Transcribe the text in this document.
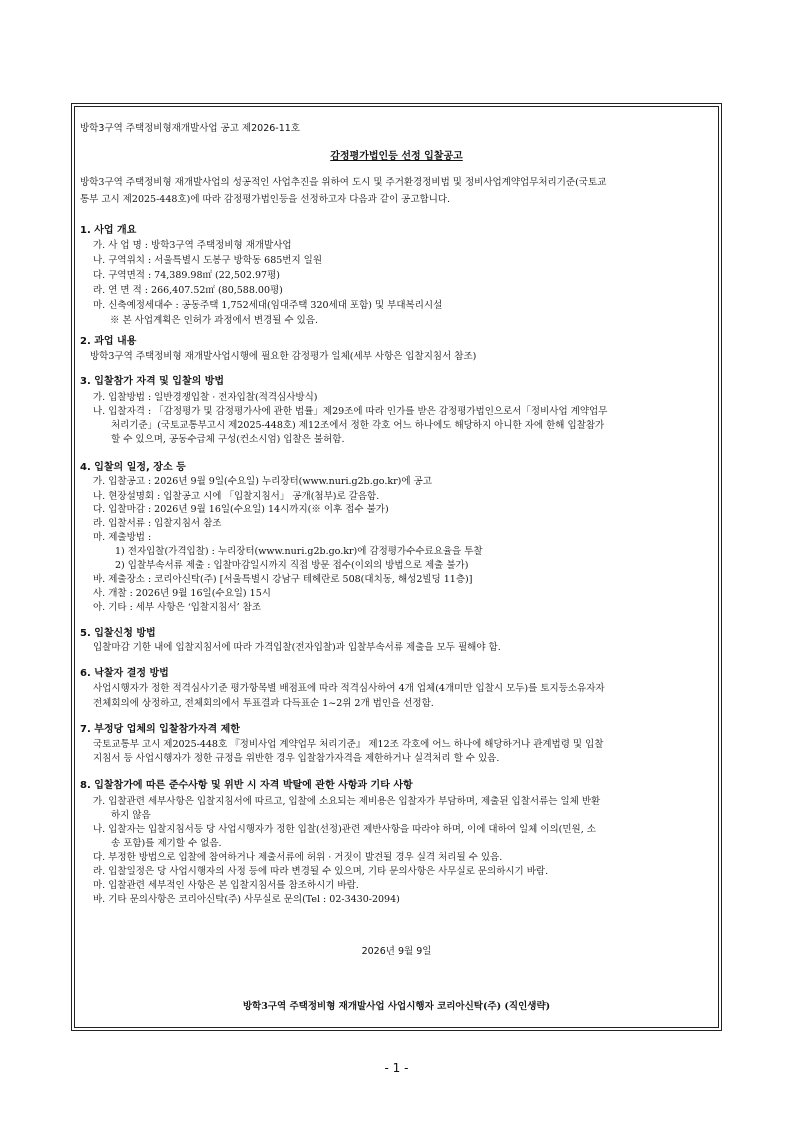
방학3구역 주택정비형재개발사업 공고 제2026-11호
감정평가법인등 선정 입찰공고
방학3구역 주택정비형 재개발사업의 성공적인 사업추진을 위하여 도시 및 주거환경정비법 및 정비사업계약업무처리기준(국토교
통부 고시 제2025-448호)에 따라 감정평가법인등을 선정하고자 다음과 같이 공고합니다.
1. 사업 개요
가. 사 업 명 : 방학3구역 주택정비형 재개발사업
나. 구역위치 : 서울특별시 도봉구 방학동 685번지 일원
다. 구역면적 : 74,389.98㎡ (22,502.97평)
라. 연 면 적 : 266,407.52㎡ (80,588.00평)
마. 신축예정세대수 : 공동주택 1,752세대(임대주택 320세대 포함) 및 부대복리시설
※ 본 사업계획은 인허가 과정에서 변경될 수 있음.
2. 과업 내용
방학3구역 주택정비형 재개발사업시행에 필요한 감정평가 일체(세부 사항은 입찰지침서 참조)
3. 입찰참가 자격 및 입찰의 방법
가. 입찰방법 : 일반경쟁입찰 · 전자입찰(적격심사방식)
나. 입찰자격 : 「감정평가 및 감정평가사에 관한 법률」제29조에 따라 인가를 받은 감정평가법인으로서「정비사업 계약업무
처리기준」(국토교통부고시 제2025-448호) 제12조에서 정한 각호 어느 하나에도 해당하지 아니한 자에 한해 입찰참가
할 수 있으며, 공동수급체 구성(컨소시엄) 입찰은 불허함.
4. 입찰의 일정, 장소 등
가. 입찰공고 : 2026년 9월 9일(수요일) 누리장터(www.nuri.g2b.go.kr)에 공고
나. 현장설명회 : 입찰공고 시에 「입찰지침서」 공개(첨부)로 갈음함.
다. 입찰마감 : 2026년 9월 16일(수요일) 14시까지(※ 이후 접수 불가)
라. 입찰서류 : 입찰지침서 참조
마. 제출방법 :
1) 전자입찰(가격입찰) : 누리장터(www.nuri.g2b.go.kr)에 감정평가수수료요율을 투찰
2) 입찰부속서류 제출 : 입찰마감일시까지 직접 방문 접수(이외의 방법으로 제출 불가)
바. 제출장소 : 코리아신탁(주) [서울특별시 강남구 테헤란로 508(대치동, 해성2빌딩 11층)]
사. 개찰 : 2026년 9월 16일(수요일) 15시
아. 기타 : 세부 사항은 ‘입찰지침서’ 참조
5. 입찰신청 방법
입찰마감 기한 내에 입찰지침서에 따라 가격입찰(전자입찰)과 입찰부속서류 제출을 모두 필해야 함.
6. 낙찰자 결정 방법
사업시행자가 정한 적격심사기준 평가항목별 배점표에 따라 적격심사하여 4개 업체(4개미만 입찰시 모두)를 토지등소유자자
전체회의에 상정하고, 전체회의에서 투표결과 다득표순 1~2위 2개 법인을 선정함.
7. 부정당 업체의 입찰참가자격 제한
국토교통부 고시 제2025-448호 『정비사업 계약업무 처리기준』 제12조 각호에 어느 하나에 해당하거나 관계법령 및 입찰
지침서 등 사업시행자가 정한 규정을 위반한 경우 입찰참가자격을 제한하거나 실격처리 할 수 있음.
8. 입찰참가에 따른 준수사항 및 위반 시 자격 박탈에 관한 사항과 기타 사항
가. 입찰관련 세부사항은 입찰지침서에 따르고, 입찰에 소요되는 제비용은 입찰자가 부담하며, 제출된 입찰서류는 일체 반환
하지 않음
나. 입찰자는 입찰지침서등 당 사업시행자가 정한 입찰(선정)관련 제반사항을 따라야 하며, 이에 대하여 일체 이의(민원, 소
송 포함)를 제기할 수 없음.
다. 부정한 방법으로 입찰에 참여하거나 제출서류에 허위 · 거짓이 발견될 경우 실격 처리될 수 있음.
라. 입찰일정은 당 사업시행자의 사정 등에 따라 변경될 수 있으며, 기타 문의사항은 사무실로 문의하시기 바람.
마. 입찰관련 세부적인 사항은 본 입찰지침서를 참조하시기 바람.
바. 기타 문의사항은 코리아신탁(주) 사무실로 문의(Tel : 02-3430-2094)
2026년 9월 9일
방학3구역 주택정비형 재개발사업 사업시행자 코리아신탁(주) (직인생략)
- 1 -
